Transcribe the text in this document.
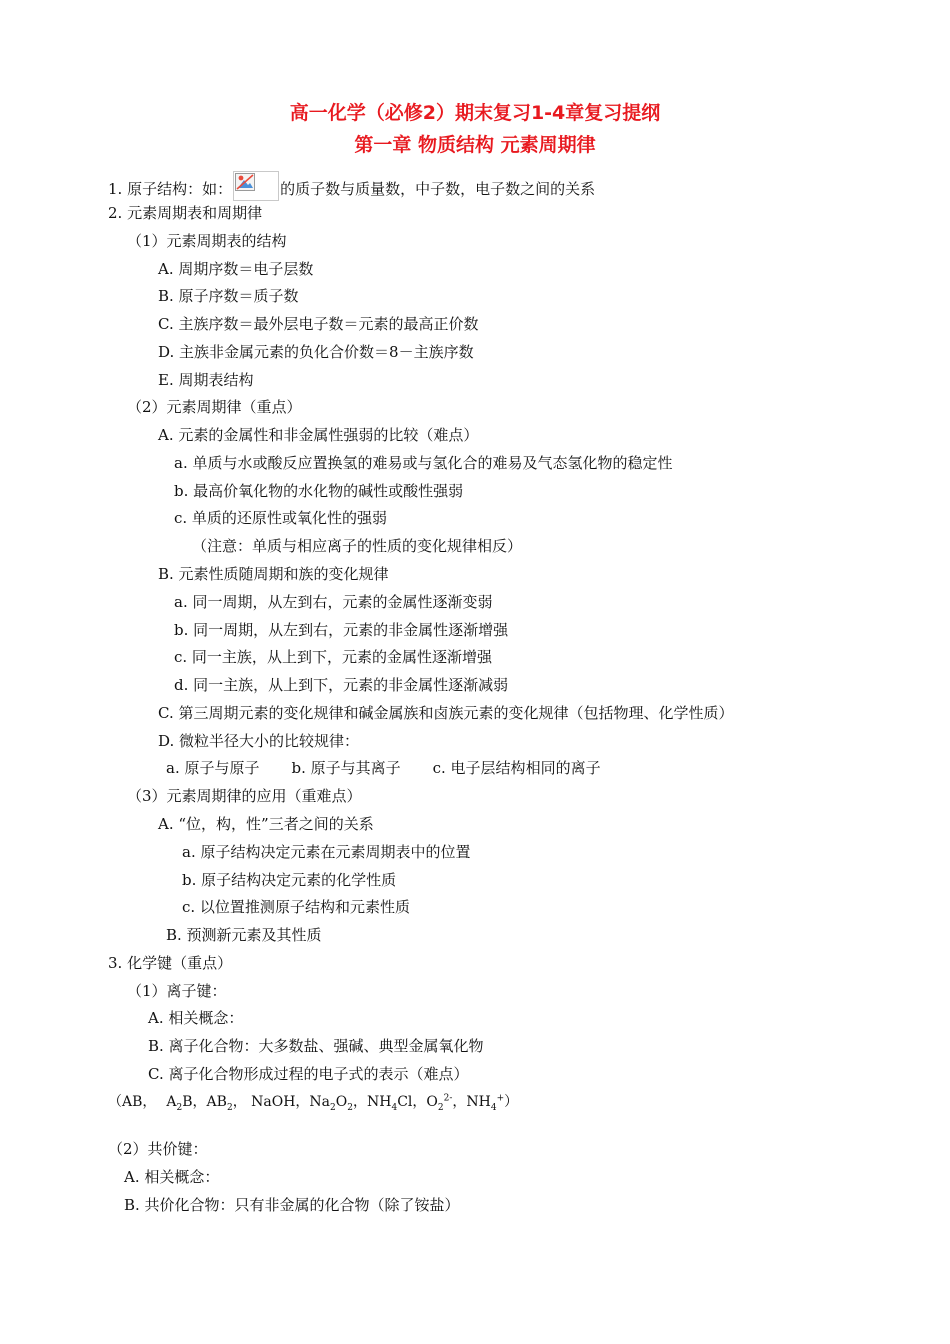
高一化学（必修2）期末复习1-4章复习提纲
第一章 物质结构 元素周期律
1. 原子结构：如：	的质子数与质量数，中子数，电子数之间的关系
2. 元素周期表和周期律
（1）元素周期表的结构
A. 周期序数＝电子层数
B. 原子序数＝质子数
C. 主族序数＝最外层电子数＝元素的最高正价数
D. 主族非金属元素的负化合价数＝8－主族序数
E. 周期表结构
（2）元素周期律（重点）
A. 元素的金属性和非金属性强弱的比较（难点）
a. 单质与水或酸反应置换氢的难易或与氢化合的难易及气态氢化物的稳定性
b. 最高价氧化物的水化物的碱性或酸性强弱
c. 单质的还原性或氧化性的强弱
（注意：单质与相应离子的性质的变化规律相反）
B. 元素性质随周期和族的变化规律
a. 同一周期，从左到右，元素的金属性逐渐变弱
b. 同一周期，从左到右，元素的非金属性逐渐增强
c. 同一主族，从上到下，元素的金属性逐渐增强
d. 同一主族，从上到下，元素的非金属性逐渐减弱
C. 第三周期元素的变化规律和碱金属族和卤族元素的变化规律（包括物理、化学性质）
D. 微粒半径大小的比较规律：
a. 原子与原子 b. 原子与其离子 c. 电子层结构相同的离子
（3）元素周期律的应用（重难点）
A. “位，构，性”三者之间的关系
a. 原子结构决定元素在元素周期表中的位置
b. 原子结构决定元素的化学性质
c. 以位置推测原子结构和元素性质
B. 预测新元素及其性质
3. 化学键（重点）
（1）离子键：
A. 相关概念：
B. 离子化合物：大多数盐、强碱、典型金属氧化物
C. 离子化合物形成过程的电子式的表示（难点）
（AB， $A_2B$，$AB_2$， NaOH，$Na_2O_2$，$NH_4Cl$，$O_2^{2-}$，$NH_4^+$）
（2）共价键：
A. 相关概念：
B. 共价化合物：只有非金属的化合物（除了铵盐）
